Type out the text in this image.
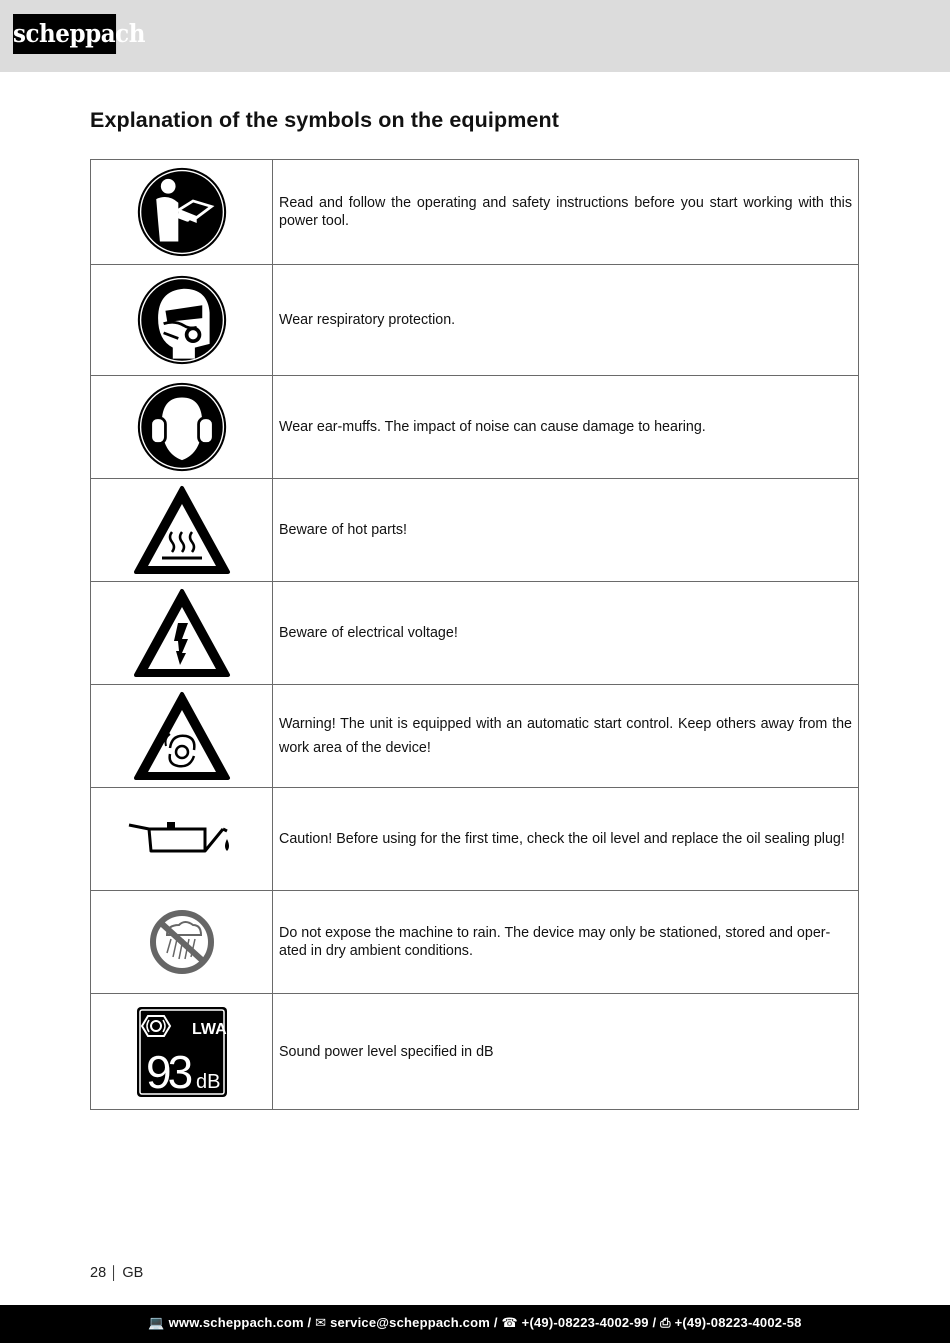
scheppach
Explanation of the symbols on the equipment
	Read and follow the operating and safety instructions before you start working with this power tool.

	Wear respiratory protection.

	Wear ear-muffs. The impact of noise can cause damage to hearing.

	Beware of hot parts!

	Beware of electrical voltage!

	Warning! The unit is equipped with an automatic start control. Keep others away from the work area of the device!

	Caution! Before using for the first time, check the oil level and replace the oil sealing plug!

	Do not expose the machine to rain. The device may only be stationed, stored and oper-ated in dry ambient conditions.

LWA
93 dB	Sound power level specified in dB
28 │ GB
💻 www.scheppach.com / ✉ service@scheppach.com / ☎ +(49)-08223-4002-99 / ⎙ +(49)-08223-4002-58
